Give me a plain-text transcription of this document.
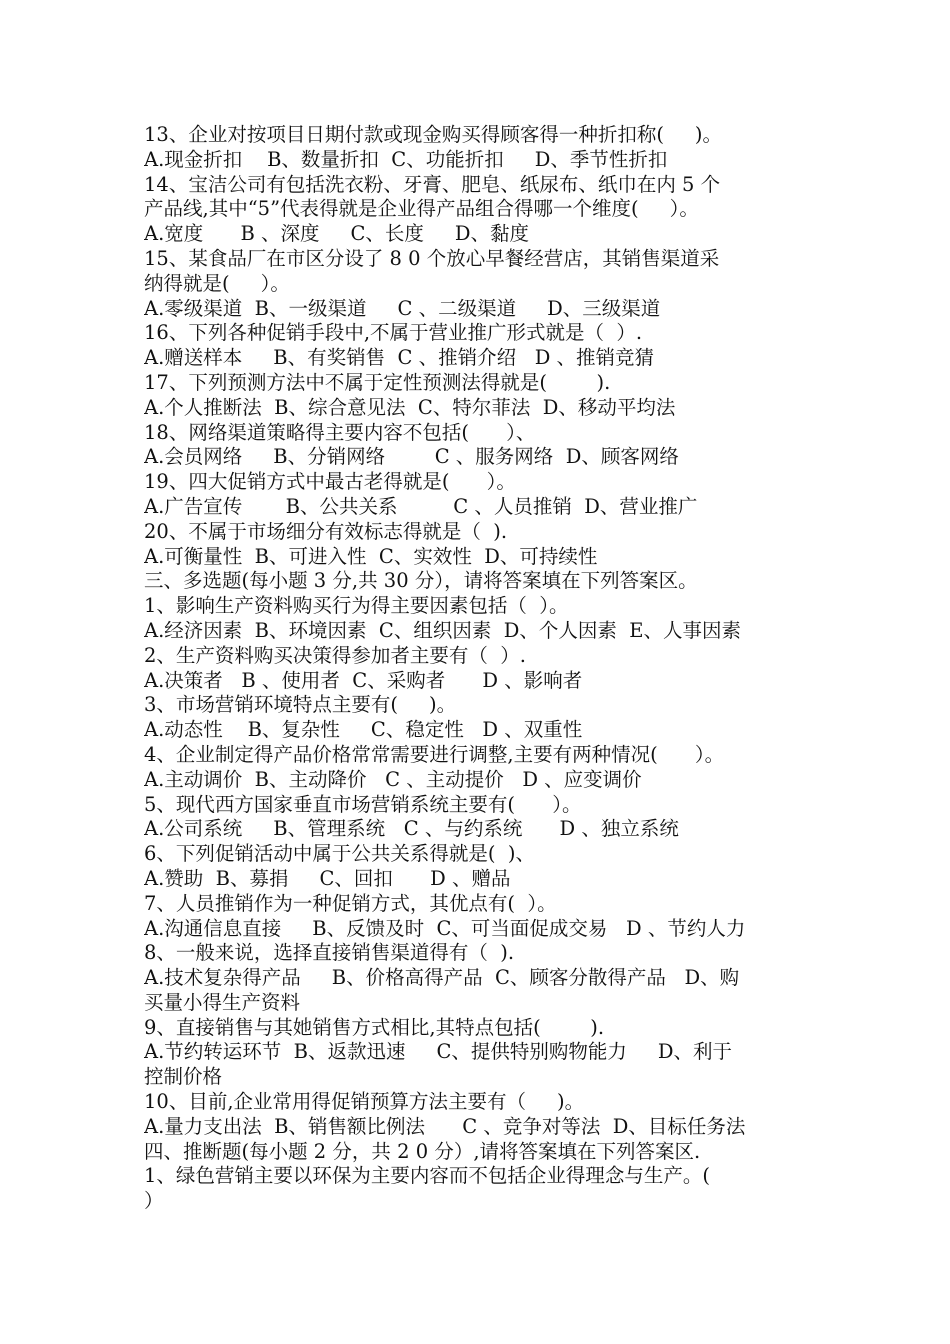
13、企业对按项目日期付款或现金购买得顾客得一种折扣称(     )。
A.现金折扣    B、数量折扣  C、功能折扣     D、季节性折扣
14、宝洁公司有包括洗衣粉、牙膏、肥皂、纸尿布、纸巾在内 5 个
产品线,其中“5”代表得就是企业得产品组合得哪一个维度(     ）。
A.宽度      B 、深度     C、长度     D、黏度
15、某食品厂在市区分设了 8 0 个放心早餐经营店，其销售渠道采
纳得就是(     ）。
A.零级渠道  B、一级渠道     C 、二级渠道     D、三级渠道
16、下列各种促销手段中,不属于营业推广形式就是（  ）.
A.赠送样本     B、有奖销售  C 、推销介绍   D 、推销竞猜
17、下列预测方法中不属于定性预测法得就是(        ).
A.个人推断法  B、综合意见法  C、特尔菲法  D、移动平均法
18、网络渠道策略得主要内容不包括(      ）、
A.会员网络     B、分销网络        C 、服务网络  D、顾客网络
19、四大促销方式中最古老得就是(      ）。
A.广告宣传       B、公共关系         C 、人员推销  D、营业推广
20、不属于市场细分有效标志得就是（  ).
A.可衡量性  B、可进入性  C、实效性  D、可持续性
三、多选题(每小题 3 分,共 30 分），请将答案填在下列答案区。
1、影响生产资料购买行为得主要因素包括（  ）。
A.经济因素  B、环境因素  C、组织因素  D、个人因素  E、人事因素
2、生产资料购买决策得参加者主要有（  ）.
A.决策者   B 、使用者  C、采购者      D 、影响者
3、市场营销环境特点主要有(     )。
A.动态性    B、复杂性     C、稳定性   D 、双重性
4、企业制定得产品价格常常需要进行调整,主要有两种情况(      ）。
A.主动调价  B、主动降价   C 、主动提价   D 、应变调价
5、现代西方国家垂直市场营销系统主要有(      ）。
A.公司系统     B、管理系统   C 、与约系统      D 、独立系统
6、下列促销活动中属于公共关系得就是(  )、
A.赞助  B、募捐     C、回扣      D 、赠品
7、人员推销作为一种促销方式，其优点有(  ）。
A.沟通信息直接     B、反馈及时  C、可当面促成交易   D 、节约人力
8、一般来说，选择直接销售渠道得有（  ).
A.技术复杂得产品     B、价格高得产品  C、顾客分散得产品   D、购
买量小得生产资料
9、直接销售与其她销售方式相比,其特点包括(        ).
A.节约转运环节  B、返款迅速     C、提供特别购物能力     D、利于
控制价格
10、目前,企业常用得促销预算方法主要有（     )。
A.量力支出法  B、销售额比例法      C 、竞争对等法  D、目标任务法
四、推断题(每小题 2 分，共 2 0 分）,请将答案填在下列答案区.
1、绿色营销主要以环保为主要内容而不包括企业得理念与生产。(
）
